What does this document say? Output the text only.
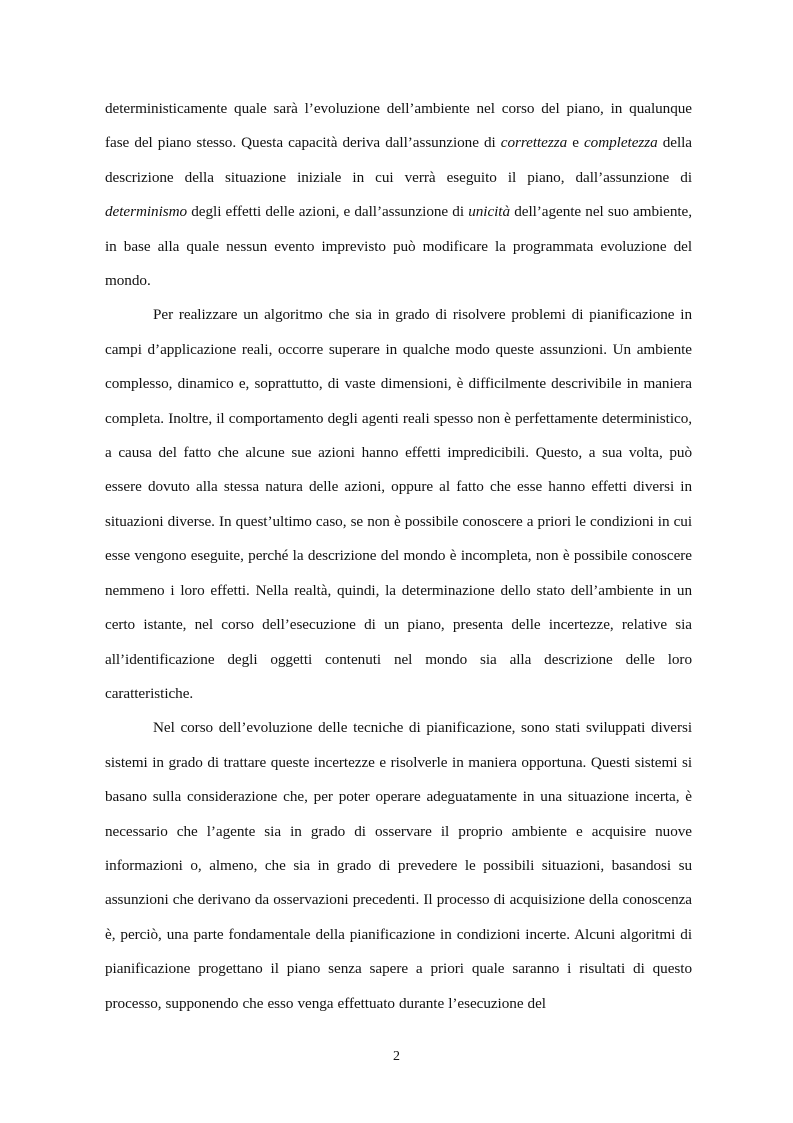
deterministicamente quale sarà l’evoluzione dell’ambiente nel corso del piano, in qualunque fase del piano stesso. Questa capacità deriva dall’assunzione di correttezza e completezza della descrizione della situazione iniziale in cui verrà eseguito il piano, dall’assunzione di determinismo degli effetti delle azioni, e dall’assunzione di unicità dell’agente nel suo ambiente, in base alla quale nessun evento imprevisto può modificare la programmata evoluzione del mondo.

Per realizzare un algoritmo che sia in grado di risolvere problemi di pianificazione in campi d’applicazione reali, occorre superare in qualche modo queste assunzioni. Un ambiente complesso, dinamico e, soprattutto, di vaste dimensioni, è difficilmente descrivibile in maniera completa. Inoltre, il comportamento degli agenti reali spesso non è perfettamente deterministico, a causa del fatto che alcune sue azioni hanno effetti impredicibili. Questo, a sua volta, può essere dovuto alla stessa natura delle azioni, oppure al fatto che esse hanno effetti diversi in situazioni diverse. In quest’ultimo caso, se non è possibile conoscere a priori le condizioni in cui esse vengono eseguite, perché la descrizione del mondo è incompleta, non è possibile conoscere nemmeno i loro effetti. Nella realtà, quindi, la determinazione dello stato dell’ambiente in un certo istante, nel corso dell’esecuzione di un piano, presenta delle incertezze, relative sia all’identificazione degli oggetti contenuti nel mondo sia alla descrizione delle loro caratteristiche.

Nel corso dell’evoluzione delle tecniche di pianificazione, sono stati sviluppati diversi sistemi in grado di trattare queste incertezze e risolverle in maniera opportuna. Questi sistemi si basano sulla considerazione che, per poter operare adeguatamente in una situazione incerta, è necessario che l’agente sia in grado di osservare il proprio ambiente e acquisire nuove informazioni o, almeno, che sia in grado di prevedere le possibili situazioni, basandosi su assunzioni che derivano da osservazioni precedenti. Il processo di acquisizione della conoscenza è, perciò, una parte fondamentale della pianificazione in condizioni incerte. Alcuni algoritmi di pianificazione progettano il piano senza sapere a priori quale saranno i risultati di questo processo, supponendo che esso venga effettuato durante l’esecuzione del

2
